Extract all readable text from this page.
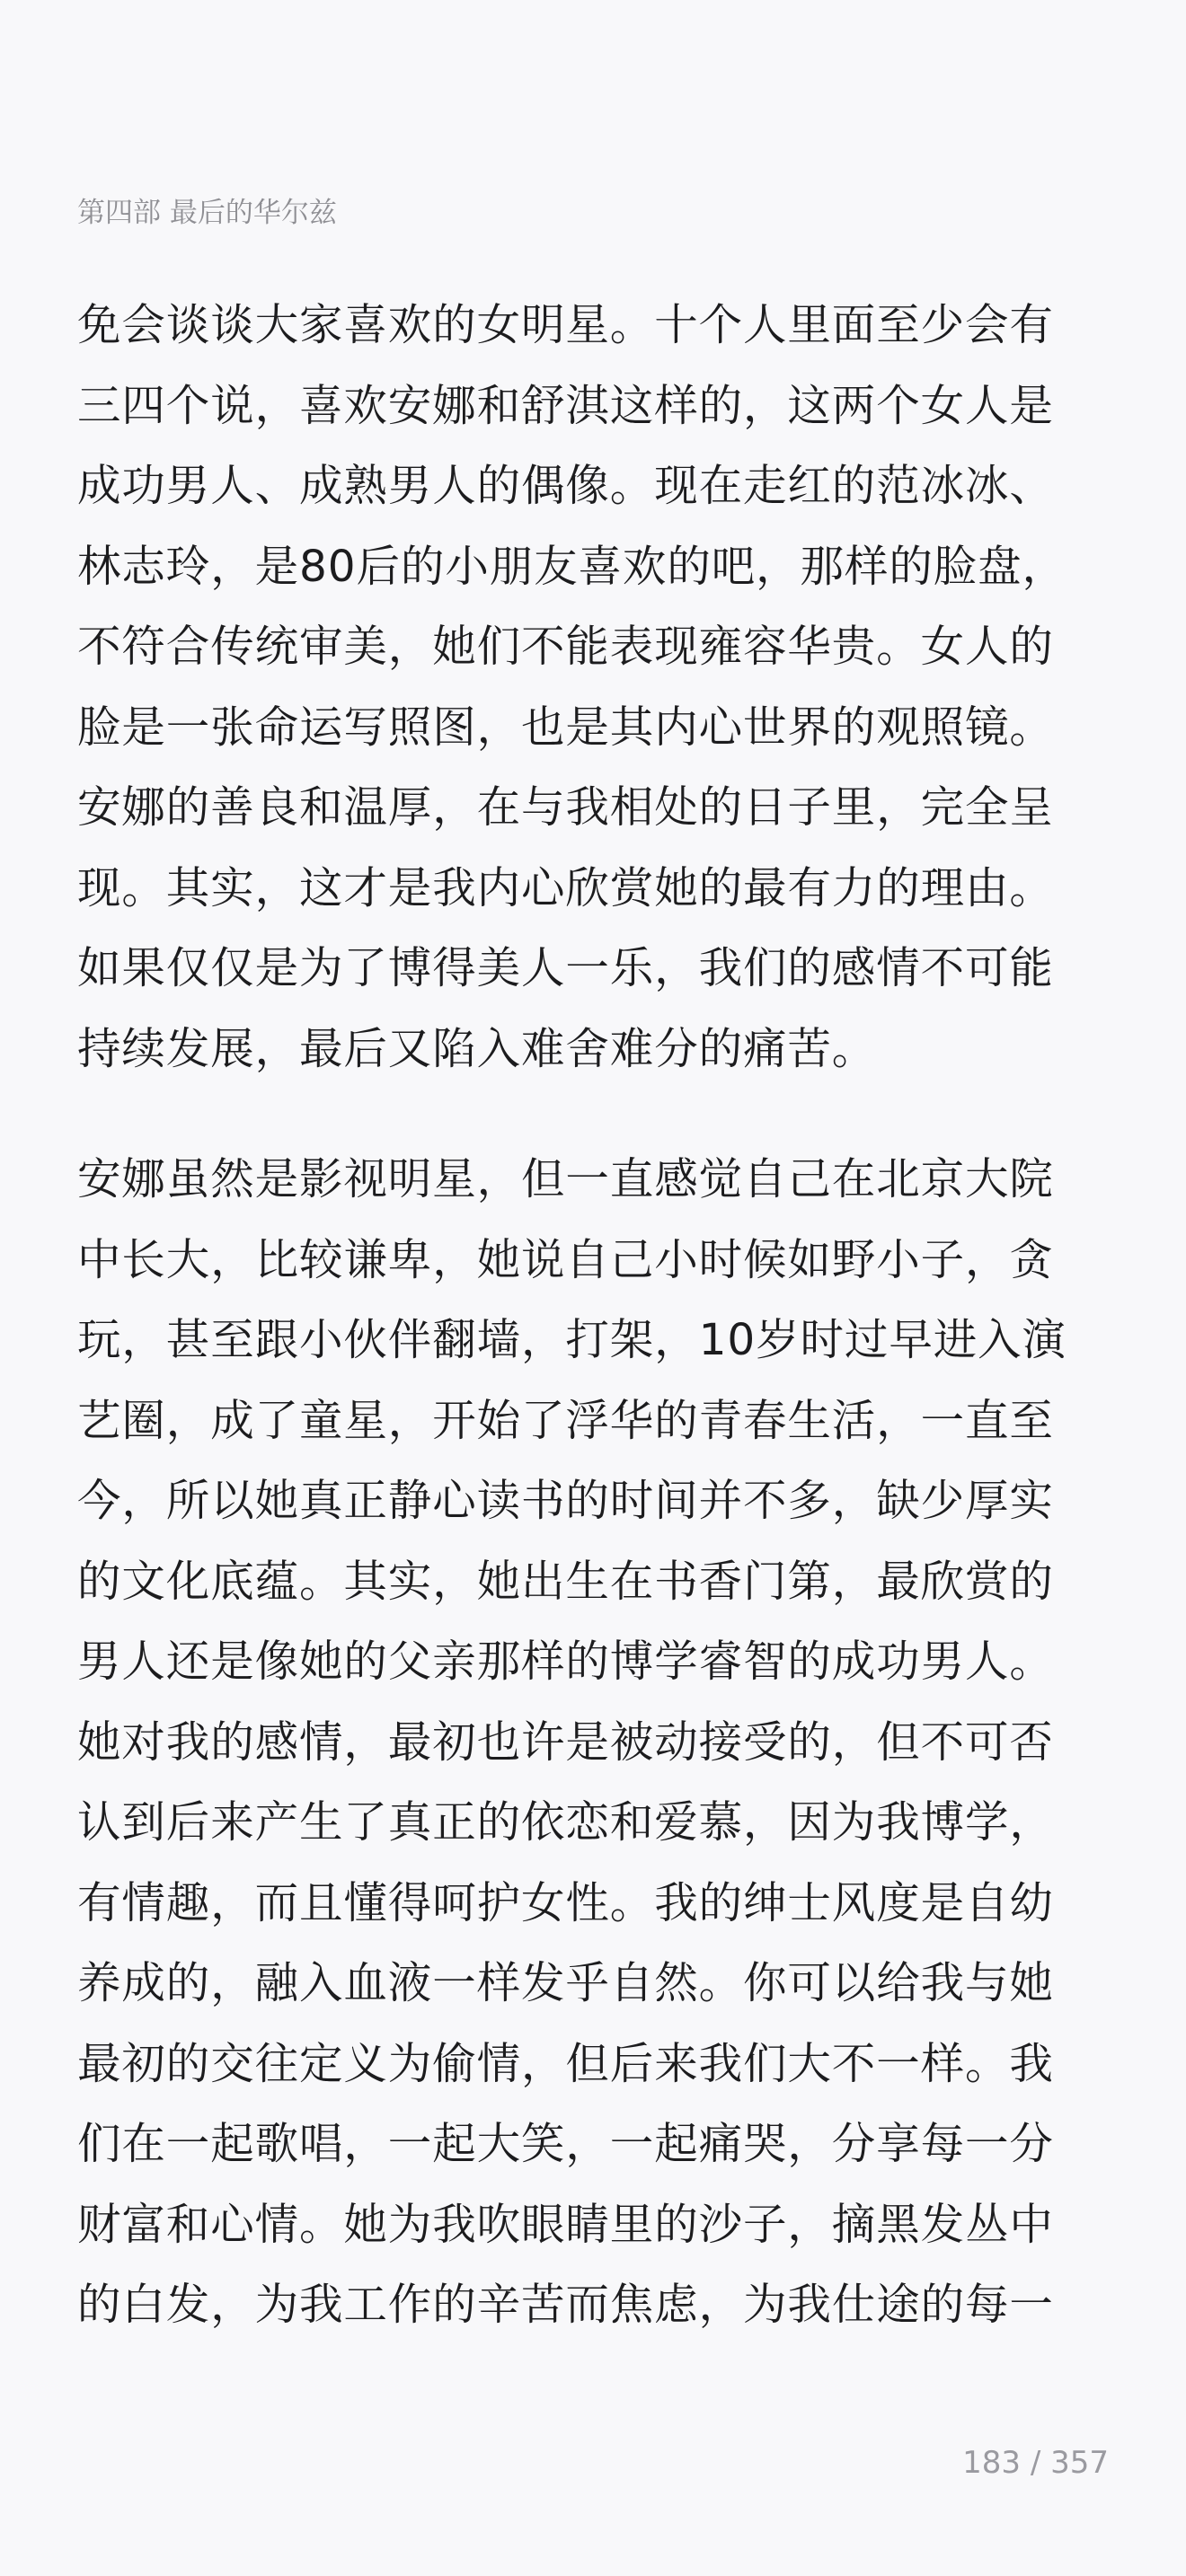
第四部 最后的华尔兹

免会谈谈大家喜欢的女明星。十个人里面至少会有
三四个说，喜欢安娜和舒淇这样的，这两个女人是
成功男人、成熟男人的偶像。现在走红的范冰冰、
林志玲，是80后的小朋友喜欢的吧，那样的脸盘，
不符合传统审美，她们不能表现雍容华贵。女人的
脸是一张命运写照图，也是其内心世界的观照镜。
安娜的善良和温厚，在与我相处的日子里，完全呈
现。其实，这才是我内心欣赏她的最有力的理由。
如果仅仅是为了博得美人一乐，我们的感情不可能
持续发展，最后又陷入难舍难分的痛苦。

安娜虽然是影视明星，但一直感觉自己在北京大院
中长大，比较谦卑，她说自己小时候如野小子，贪
玩，甚至跟小伙伴翻墙，打架，10岁时过早进入演
艺圈，成了童星，开始了浮华的青春生活，一直至
今，所以她真正静心读书的时间并不多，缺少厚实
的文化底蕴。其实，她出生在书香门第，最欣赏的
男人还是像她的父亲那样的博学睿智的成功男人。
她对我的感情，最初也许是被动接受的，但不可否
认到后来产生了真正的依恋和爱慕，因为我博学，
有情趣，而且懂得呵护女性。我的绅士风度是自幼
养成的，融入血液一样发乎自然。你可以给我与她
最初的交往定义为偷情，但后来我们大不一样。我
们在一起歌唱，一起大笑，一起痛哭，分享每一分
财富和心情。她为我吹眼睛里的沙子，摘黑发丛中
的白发，为我工作的辛苦而焦虑，为我仕途的每一

183 / 357
